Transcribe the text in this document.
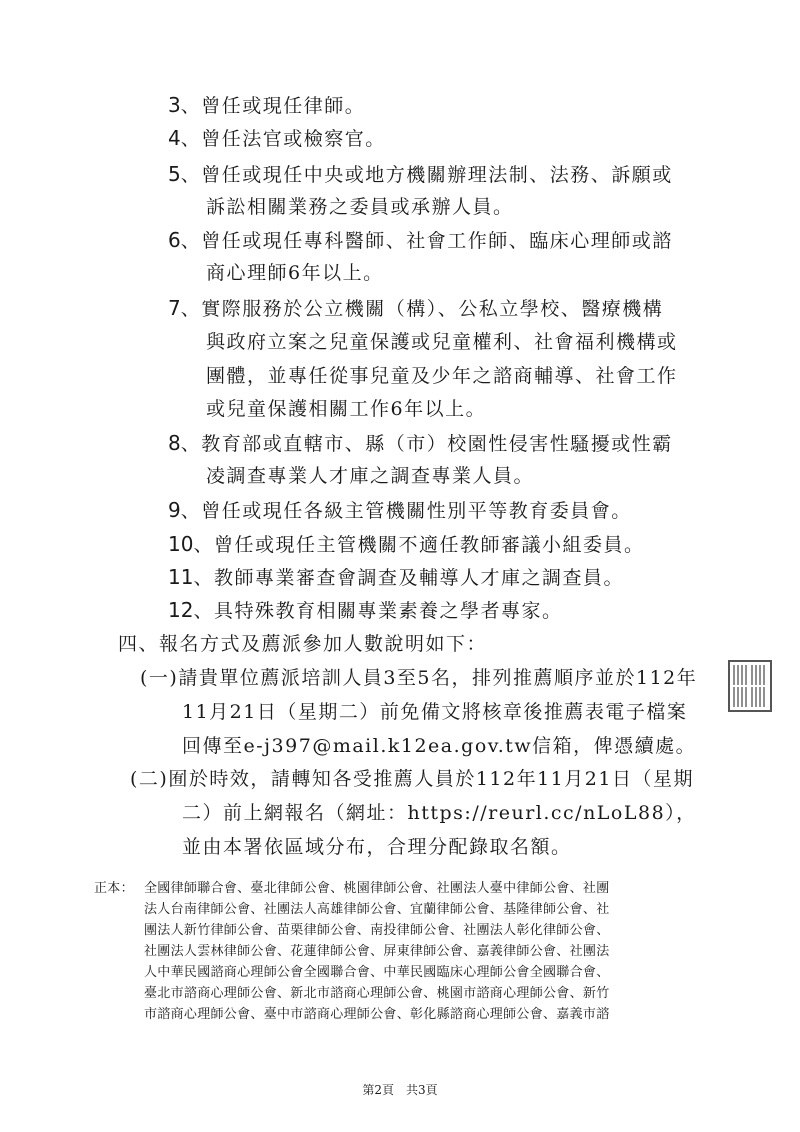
3、曾任或現任律師。
4、曾任法官或檢察官。
5、曾任或現任中央或地方機關辦理法制、法務、訴願或
訴訟相關業務之委員或承辦人員。
6、曾任或現任專科醫師、社會工作師、臨床心理師或諮
商心理師6年以上。
7、實際服務於公立機關（構）、公私立學校、醫療機構
與政府立案之兒童保護或兒童權利、社會福利機構或
團體，並專任從事兒童及少年之諮商輔導、社會工作
或兒童保護相關工作6年以上。
8、教育部或直轄市、縣（市）校園性侵害性騷擾或性霸
凌調查專業人才庫之調查專業人員。
9、曾任或現任各級主管機關性別平等教育委員會。
10、曾任或現任主管機關不適任教師審議小組委員。
11、教師專業審查會調查及輔導人才庫之調查員。
12、具特殊教育相關專業素養之學者專家。
四、報名方式及薦派參加人數說明如下：
(一)請貴單位薦派培訓人員3至5名，排列推薦順序並於112年
11月21日（星期二）前免備文將核章後推薦表電子檔案
回傳至e-j397@mail.k12ea.gov.tw信箱，俾憑續處。
(二)囿於時效，請轉知各受推薦人員於112年11月21日（星期
二）前上網報名（網址：https://reurl.cc/nLoL88），
並由本署依區域分布，合理分配錄取名額。
正本： 全國律師聯合會、臺北律師公會、桃園律師公會、社團法人臺中律師公會、社團
法人台南律師公會、社團法人高雄律師公會、宜蘭律師公會、基隆律師公會、社
團法人新竹律師公會、苗栗律師公會、南投律師公會、社團法人彰化律師公會、
社團法人雲林律師公會、花蓮律師公會、屏東律師公會、嘉義律師公會、社團法
人中華民國諮商心理師公會全國聯合會、中華民國臨床心理師公會全國聯合會、
臺北市諮商心理師公會、新北市諮商心理師公會、桃園市諮商心理師公會、新竹
市諮商心理師公會、臺中市諮商心理師公會、彰化縣諮商心理師公會、嘉義市諮
第2頁 共3頁
